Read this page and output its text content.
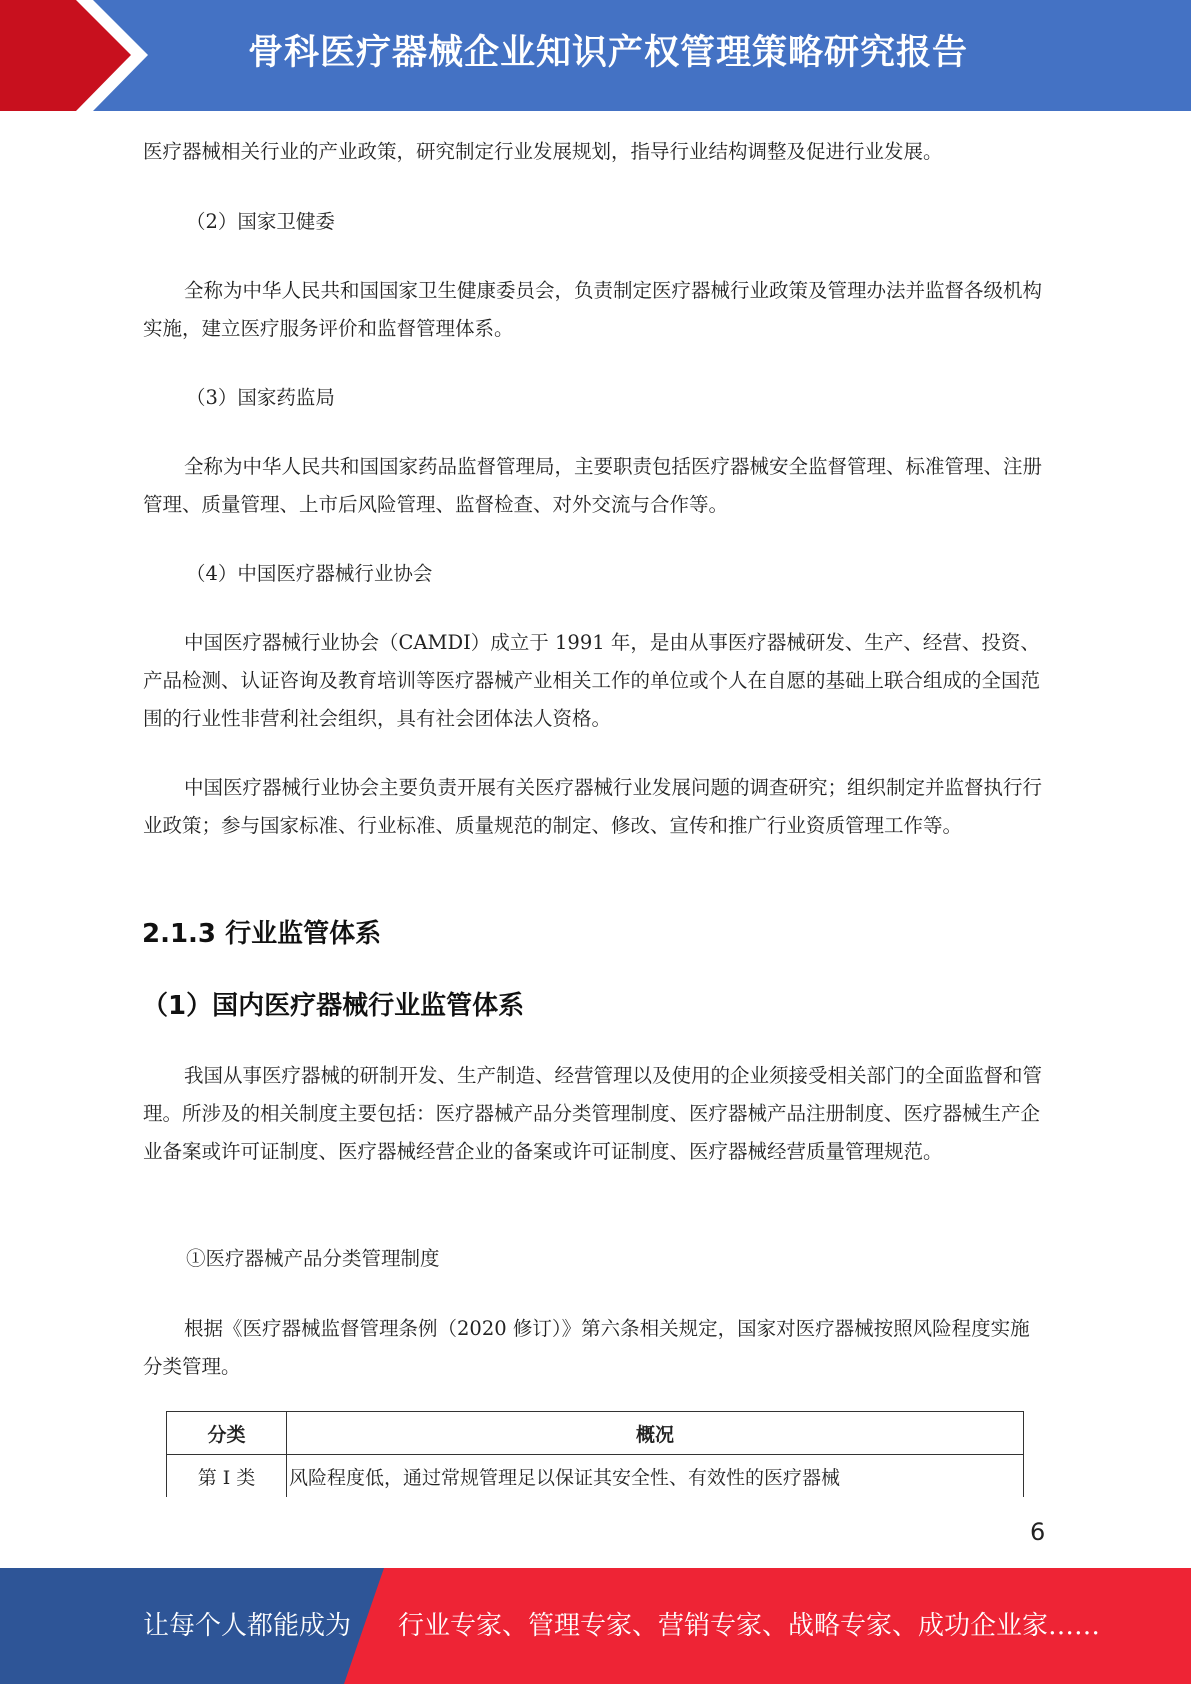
骨科医疗器械企业知识产权管理策略研究报告
医疗器械相关行业的产业政策，研究制定行业发展规划，指导行业结构调整及促进行业发展。
（2）国家卫健委
全称为中华人民共和国国家卫生健康委员会，负责制定医疗器械行业政策及管理办法并监督各级机构实施，建立医疗服务评价和监督管理体系。
（3）国家药监局
全称为中华人民共和国国家药品监督管理局，主要职责包括医疗器械安全监督管理、标准管理、注册管理、质量管理、上市后风险管理、监督检查、对外交流与合作等。
（4）中国医疗器械行业协会
中国医疗器械行业协会（CAMDI）成立于 1991 年，是由从事医疗器械研发、生产、经营、投资、产品检测、认证咨询及教育培训等医疗器械产业相关工作的单位或个人在自愿的基础上联合组成的全国范围的行业性非营利社会组织，具有社会团体法人资格。
中国医疗器械行业协会主要负责开展有关医疗器械行业发展问题的调查研究；组织制定并监督执行行业政策；参与国家标准、行业标准、质量规范的制定、修改、宣传和推广行业资质管理工作等。
2.1.3 行业监管体系
（1）国内医疗器械行业监管体系
我国从事医疗器械的研制开发、生产制造、经营管理以及使用的企业须接受相关部门的全面监督和管理。所涉及的相关制度主要包括：医疗器械产品分类管理制度、医疗器械产品注册制度、医疗器械生产企业备案或许可证制度、医疗器械经营企业的备案或许可证制度、医疗器械经营质量管理规范。
①医疗器械产品分类管理制度
根据《医疗器械监督管理条例（2020 修订）》第六条相关规定，国家对医疗器械按照风险程度实施分类管理。
分类	概况
第 I 类	风险程度低，通过常规管理足以保证其安全性、有效性的医疗器械
6
让每个人都能成为 行业专家、管理专家、营销专家、战略专家、成功企业家……
